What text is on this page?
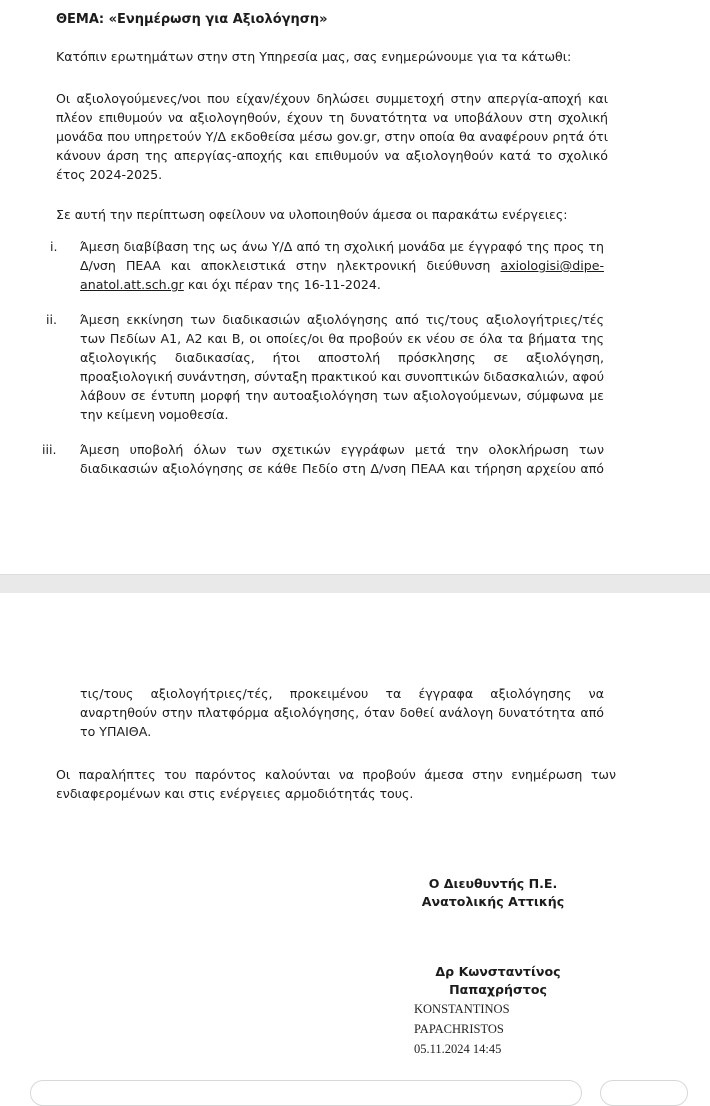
ΘΕΜΑ: «Ενημέρωση για Αξιολόγηση»

Κατόπιν ερωτημάτων στην στη Υπηρεσία μας, σας ενημερώνουμε για τα κάτωθι:

Οι αξιολογούμενες/νοι που είχαν/έχουν δηλώσει συμμετοχή στην απεργία-αποχή και πλέον επιθυμούν να αξιολογηθούν, έχουν τη δυνατότητα να υποβάλουν στη σχολική μονάδα που υπηρετούν Υ/Δ εκδοθείσα μέσω gov.gr, στην οποία θα αναφέρουν ρητά ότι κάνουν άρση της απεργίας-αποχής και επιθυμούν να αξιολογηθούν κατά το σχολικό έτος 2024-2025.

Σε αυτή την περίπτωση οφείλουν να υλοποιηθούν άμεσα οι παρακάτω ενέργειες:

i. Άμεση διαβίβαση της ως άνω Υ/Δ από τη σχολική μονάδα με έγγραφό της προς τη Δ/νση ΠΕΑΑ και αποκλειστικά στην ηλεκτρονική διεύθυνση axiologisi@dipe-anatol.att.sch.gr και όχι πέραν της 16-11-2024.

ii. Άμεση εκκίνηση των διαδικασιών αξιολόγησης από τις/τους αξιολογήτριες/τές των Πεδίων Α1, Α2 και Β, οι οποίες/οι θα προβούν εκ νέου σε όλα τα βήματα της αξιολογικής διαδικασίας, ήτοι αποστολή πρόσκλησης σε αξιολόγηση, προαξιολογική συνάντηση, σύνταξη πρακτικού και συνοπτικών διδασκαλιών, αφού λάβουν σε έντυπη μορφή την αυτοαξιολόγηση των αξιολογούμενων, σύμφωνα με την κείμενη νομοθεσία.

iii. Άμεση υποβολή όλων των σχετικών εγγράφων μετά την ολοκλήρωση των διαδικασιών αξιολόγησης σε κάθε Πεδίο στη Δ/νση ΠΕΑΑ και τήρηση αρχείου από

τις/τους αξιολογήτριες/τές, προκειμένου τα έγγραφα αξιολόγησης να αναρτηθούν στην πλατφόρμα αξιολόγησης, όταν δοθεί ανάλογη δυνατότητα από το ΥΠΑΙΘΑ.

Οι παραλήπτες του παρόντος καλούνται να προβούν άμεσα στην ενημέρωση των ενδιαφερομένων και στις ενέργειες αρμοδιότητάς τους.

Ο Διευθυντής Π.Ε.
Ανατολικής Αττικής
Δρ Κωνσταντίνος Παπαχρήστος
KONSTANTINOS
PAPACHRISTOS
05.11.2024 14:45
